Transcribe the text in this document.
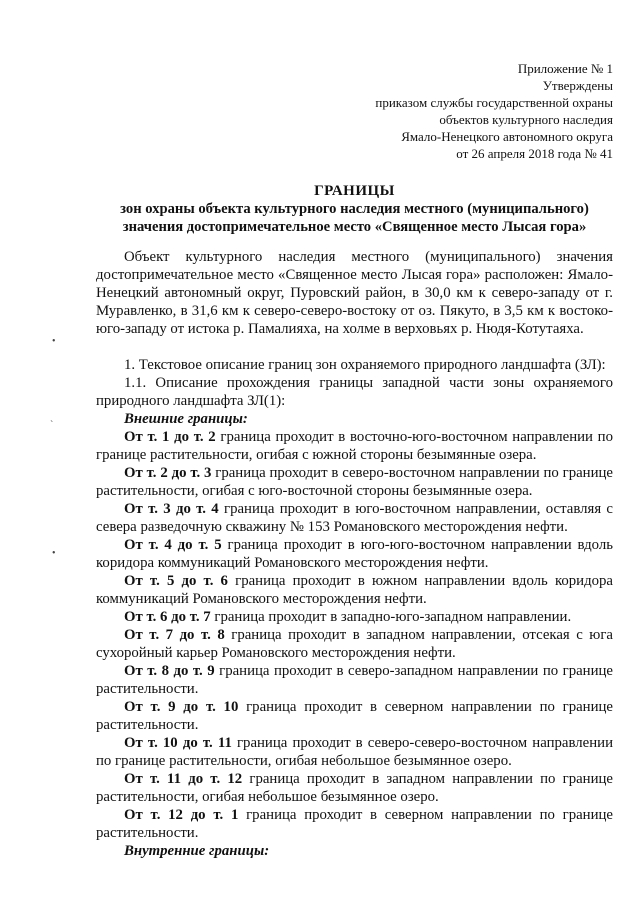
Приложение № 1
Утверждены
приказом службы государственной охраны
объектов культурного наследия
Ямало-Ненецкого автономного округа
от 26 апреля 2018 года № 41
ГРАНИЦЫ
зон охраны объекта культурного наследия местного (муниципального)
значения достопримечательное место «Священное место Лысая гора»

Объект культурного наследия местного (муниципального) значения достопримечательное место «Священное место Лысая гора» расположен: Ямало-Ненецкий автономный округ, Пуровский район, в 30,0 км к северо-западу от г. Муравленко, в 31,6 км к северо-северо-востоку от оз. Пякуто, в 3,5 км к востоко-юго-западу от истока р. Памалияха, на холме в верховьях р. Нюдя-Котутаяха.

1. Текстовое описание границ зон охраняемого природного ландшафта (ЗЛ):

1.1. Описание прохождения границы западной части зоны охраняемого природного ландшафта ЗЛ(1):

Внешние границы:

От т. 1 до т. 2 граница проходит в восточно-юго-восточном направлении по границе растительности, огибая с южной стороны безымянные озера.

От т. 2 до т. 3 граница проходит в северо-восточном направлении по границе растительности, огибая с юго-восточной стороны безымянные озера.

От т. 3 до т. 4 граница проходит в юго-восточном направлении, оставляя с севера разведочную скважину № 153 Романовского месторождения нефти.

От т. 4 до т. 5 граница проходит в юго-юго-восточном направлении вдоль коридора коммуникаций Романовского месторождения нефти.

От т. 5 до т. 6 граница проходит в южном направлении вдоль коридора коммуникаций Романовского месторождения нефти.

От т. 6 до т. 7 граница проходит в западно-юго-западном направлении.

От т. 7 до т. 8 граница проходит в западном направлении, отсекая с юга сухоройный карьер Романовского месторождения нефти.

От т. 8 до т. 9 граница проходит в северо-западном направлении по границе растительности.

От т. 9 до т. 10 граница проходит в северном направлении по границе растительности.

От т. 10 до т. 11 граница проходит в северо-северо-восточном направлении по границе растительности, огибая небольшое безымянное озеро.

От т. 11 до т. 12 граница проходит в западном направлении по границе растительности, огибая небольшое безымянное озеро.

От т. 12 до т. 1 граница проходит в северном направлении по границе растительности.

Внутренние границы:

•
`
•
